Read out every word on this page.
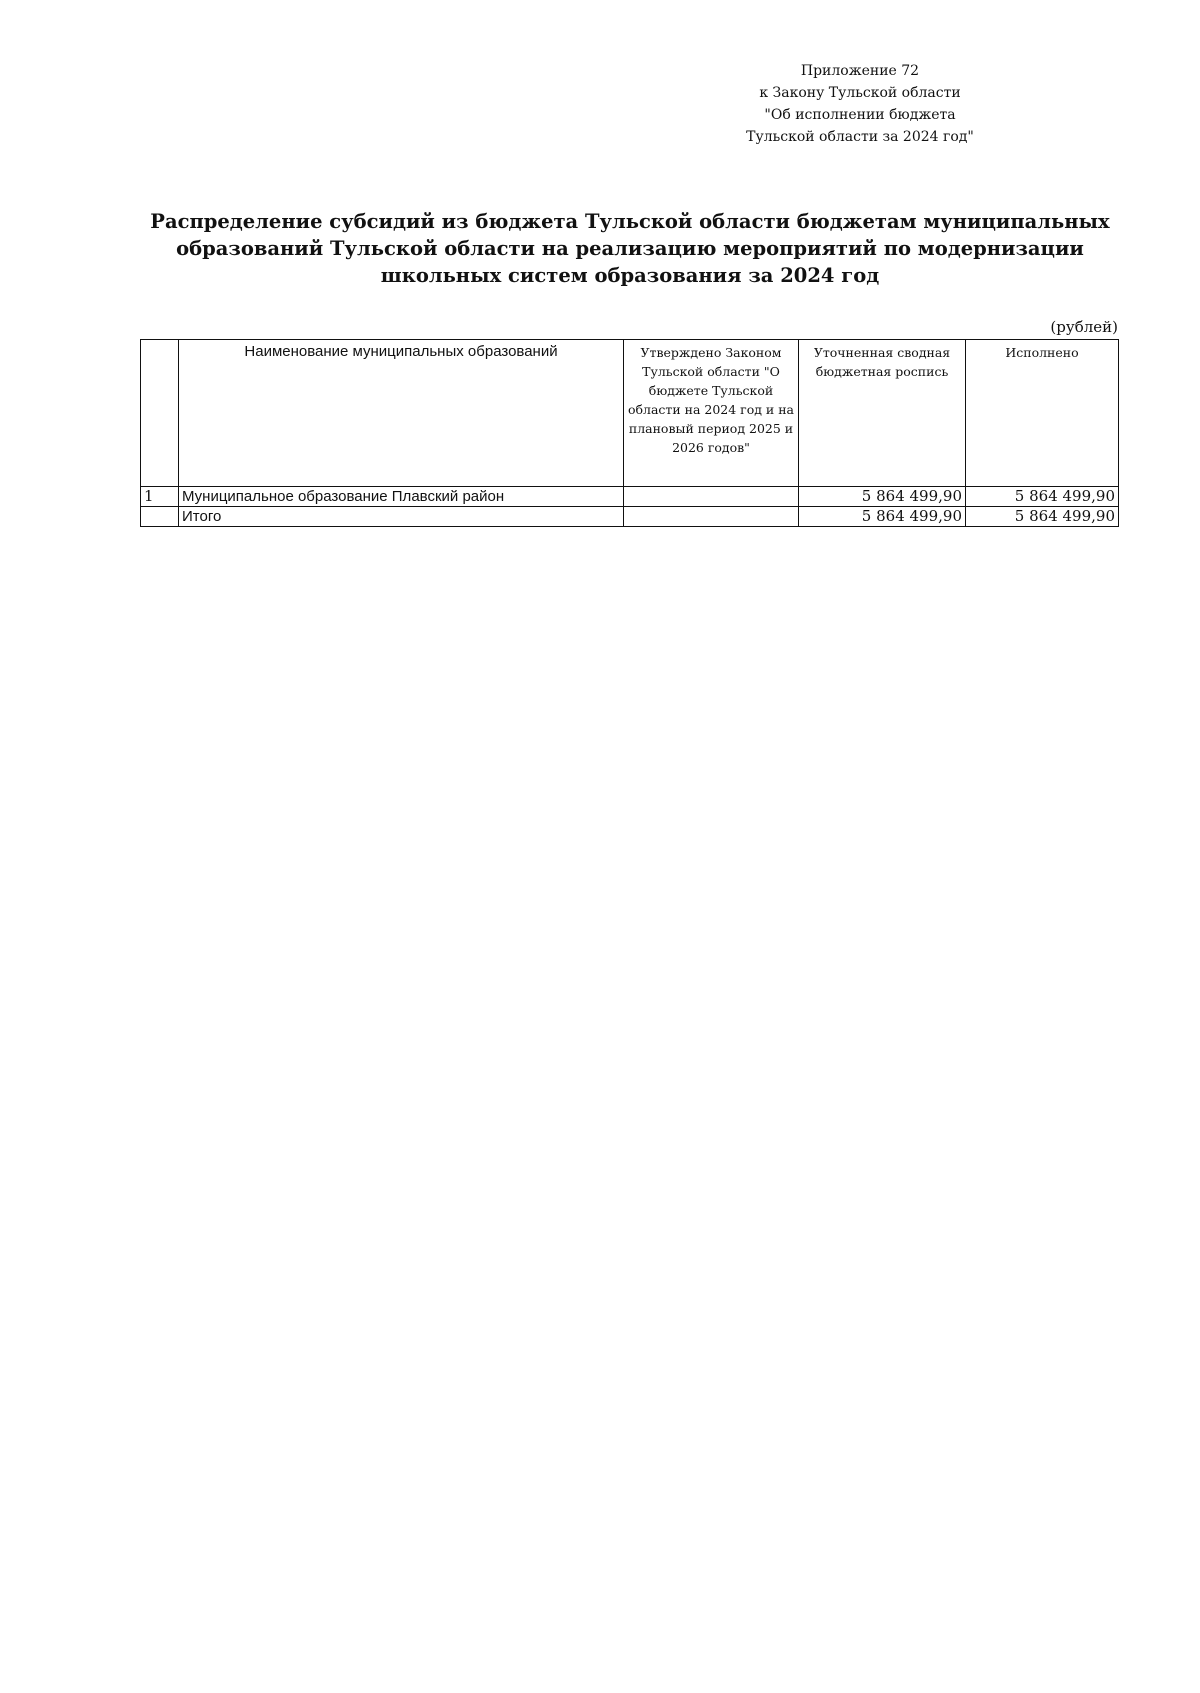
Приложение 72
к Закону Тульской области
"Об исполнении бюджета
Тульской области за 2024 год"
Распределение субсидий из бюджета Тульской области бюджетам муниципальных образований Тульской области на реализацию мероприятий по модернизации школьных систем образования за 2024 год
(рублей)
	Наименование муниципальных образований	Утверждено Законом Тульской области "О бюджете Тульской области на 2024 год и на плановый период 2025 и 2026 годов"	Уточненная сводная бюджетная роспись	Исполнено
1	Муниципальное образование Плавский район		5 864 499,90	5 864 499,90
	Итого		5 864 499,90	5 864 499,90
